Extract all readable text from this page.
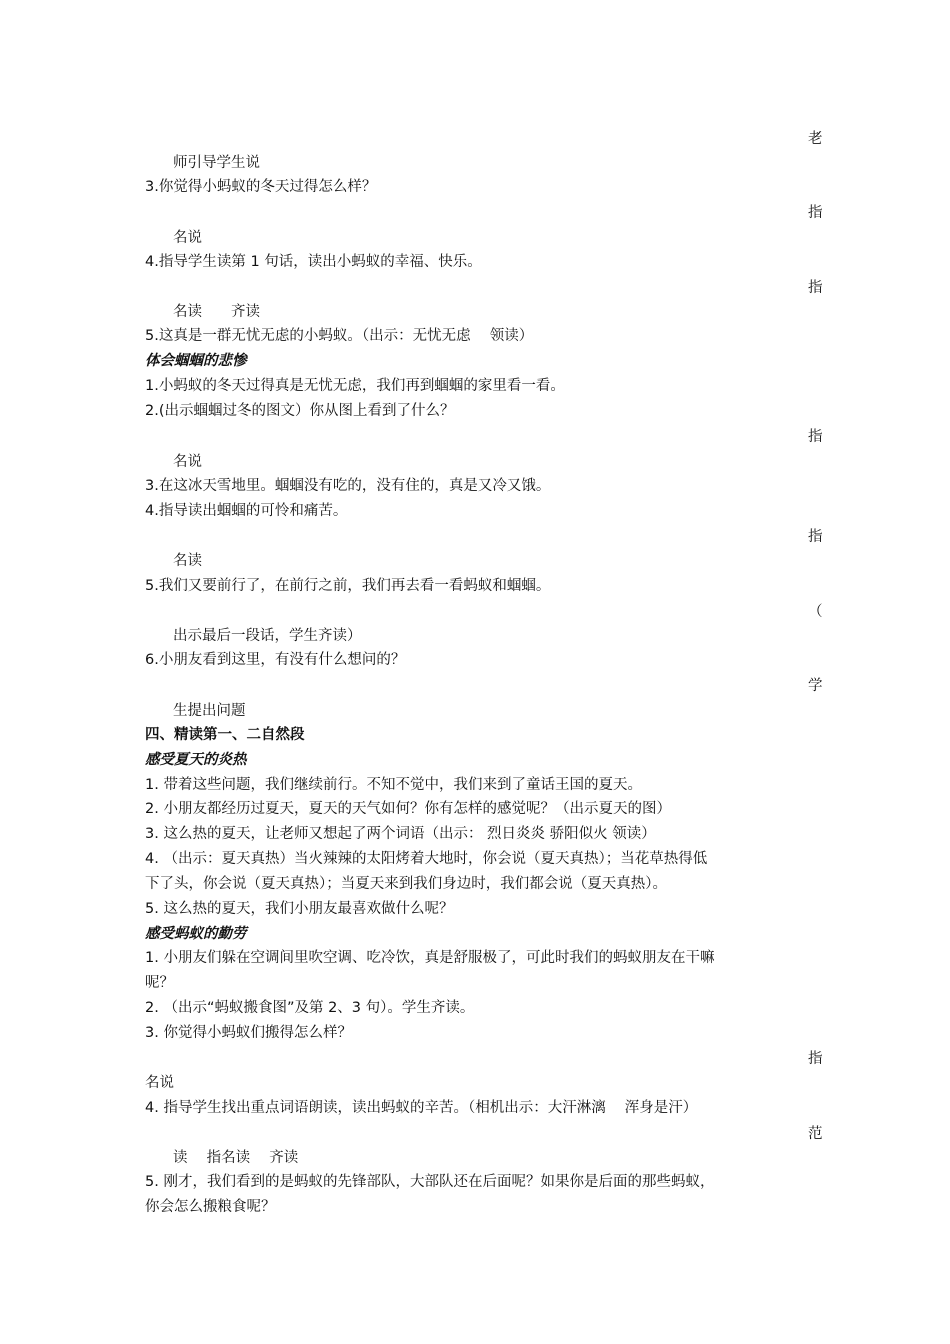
老
师引导学生说
3.你觉得小蚂蚁的冬天过得怎么样？
指
名说
4.指导学生读第 1 句话，读出小蚂蚁的幸福、快乐。
指
名读　　齐读
5.这真是一群无忧无虑的小蚂蚁。（出示：无忧无虑　 领读）
体会蝈蝈的悲惨
1.小蚂蚁的冬天过得真是无忧无虑，我们再到蝈蝈的家里看一看。
2.(出示蝈蝈过冬的图文）你从图上看到了什么？
指
名说
3.在这冰天雪地里。蝈蝈没有吃的，没有住的，真是又冷又饿。
4.指导读出蝈蝈的可怜和痛苦。
指
名读
5.我们又要前行了，在前行之前，我们再去看一看蚂蚁和蝈蝈。
（
出示最后一段话，学生齐读）
6.小朋友看到这里，有没有什么想问的？
学
生提出问题
四、精读第一、二自然段
感受夏天的炎热
1. 带着这些问题，我们继续前行。不知不觉中，我们来到了童话王国的夏天。
2. 小朋友都经历过夏天，夏天的天气如何？你有怎样的感觉呢？（出示夏天的图）
3. 这么热的夏天，让老师又想起了两个词语（出示： 烈日炎炎 骄阳似火 领读）
4. （出示：夏天真热）当火辣辣的太阳烤着大地时，你会说（夏天真热）；当花草热得低
下了头，你会说（夏天真热）；当夏天来到我们身边时，我们都会说（夏天真热）。
5. 这么热的夏天，我们小朋友最喜欢做什么呢？
感受蚂蚁的勤劳
1. 小朋友们躲在空调间里吹空调、吃冷饮，真是舒服极了，可此时我们的蚂蚁朋友在干嘛
呢？
2. （出示“蚂蚁搬食图”及第 2、3 句）。学生齐读。
3. 你觉得小蚂蚁们搬得怎么样？
指
名说
4. 指导学生找出重点词语朗读，读出蚂蚁的辛苦。（相机出示：大汗淋漓　 浑身是汗）
范
读　 指名读　 齐读
5. 刚才，我们看到的是蚂蚁的先锋部队，大部队还在后面呢？如果你是后面的那些蚂蚁，
你会怎么搬粮食呢？
